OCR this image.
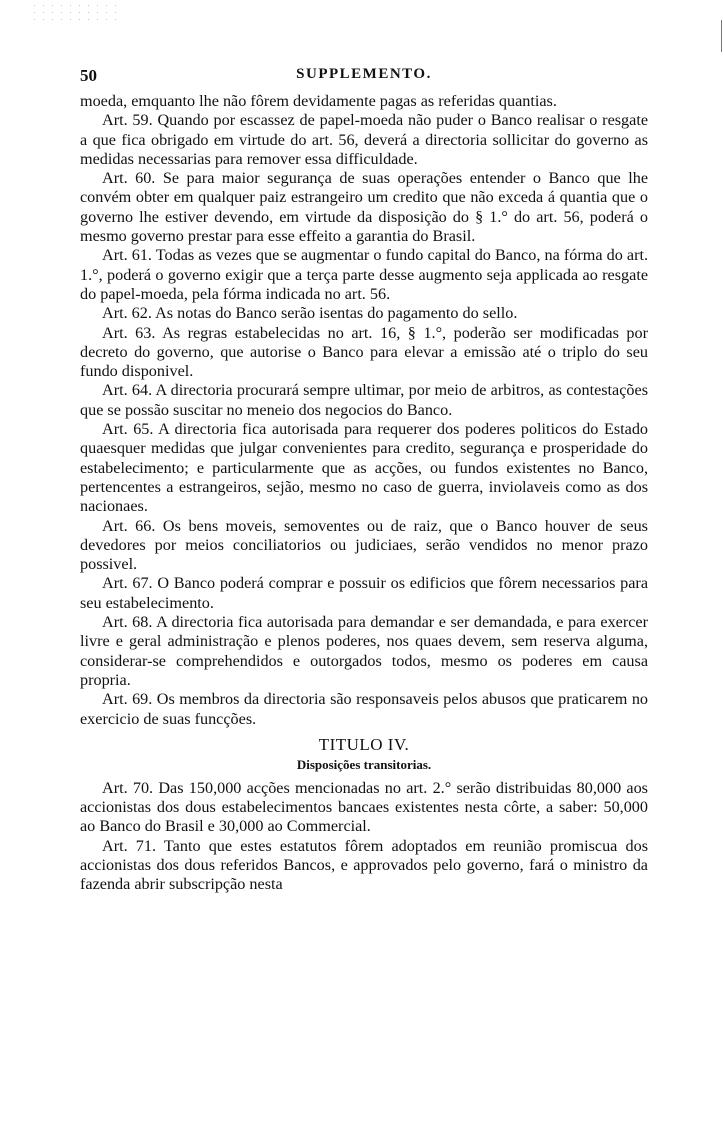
50	SUPPLEMENTO.

moeda, emquanto lhe não fôrem devidamente pagas as referidas quantias.

Art. 59. Quando por escassez de papel-moeda não puder o Banco realisar o resgate a que fica obrigado em virtude do art. 56, deverá a directoria sollicitar do governo as medidas necessarias para remover essa difficuldade.

Art. 60. Se para maior segurança de suas operações entender o Banco que lhe convém obter em qualquer paiz estrangeiro um credito que não exceda á quantia que o governo lhe estiver devendo, em virtude da disposição do § 1.° do art. 56, poderá o mesmo governo prestar para esse effeito a garantia do Brasil.

Art. 61. Todas as vezes que se augmentar o fundo capital do Banco, na fórma do art. 1.°, poderá o governo exigir que a terça parte desse augmento seja applicada ao resgate do papel-moeda, pela fórma indicada no art. 56.

Art. 62. As notas do Banco serão isentas do pagamento do sello.

Art. 63. As regras estabelecidas no art. 16, § 1.°, poderão ser modificadas por decreto do governo, que autorise o Banco para elevar a emissão até o triplo do seu fundo disponivel.

Art. 64. A directoria procurará sempre ultimar, por meio de arbitros, as contestações que se possão suscitar no meneio dos negocios do Banco.

Art. 65. A directoria fica autorisada para requerer dos poderes politicos do Estado quaesquer medidas que julgar convenientes para credito, segurança e prosperidade do estabelecimento; e particularmente que as acções, ou fundos existentes no Banco, pertencentes a estrangeiros, sejão, mesmo no caso de guerra, inviolaveis como as dos nacionaes.

Art. 66. Os bens moveis, semoventes ou de raiz, que o Banco houver de seus devedores por meios conciliatorios ou judiciaes, serão vendidos no menor prazo possivel.

Art. 67. O Banco poderá comprar e possuir os edificios que fôrem necessarios para seu estabelecimento.

Art. 68. A directoria fica autorisada para demandar e ser demandada, e para exercer livre e geral administração e plenos poderes, nos quaes devem, sem reserva alguma, considerar-se comprehendidos e outorgados todos, mesmo os poderes em causa propria.

Art. 69. Os membros da directoria são responsaveis pelos abusos que praticarem no exercicio de suas funcções.

TITULO IV.
Disposições transitorias.

Art. 70. Das 150,000 acções mencionadas no art. 2.° serão distribuidas 80,000 aos accionistas dos dous estabelecimentos bancaes existentes nesta côrte, a saber: 50,000 ao Banco do Brasil e 30,000 ao Commercial.

Art. 71. Tanto que estes estatutos fôrem adoptados em reunião promiscua dos accionistas dos dous referidos Bancos, e approvados pelo governo, fará o ministro da fazenda abrir subscripção nesta
